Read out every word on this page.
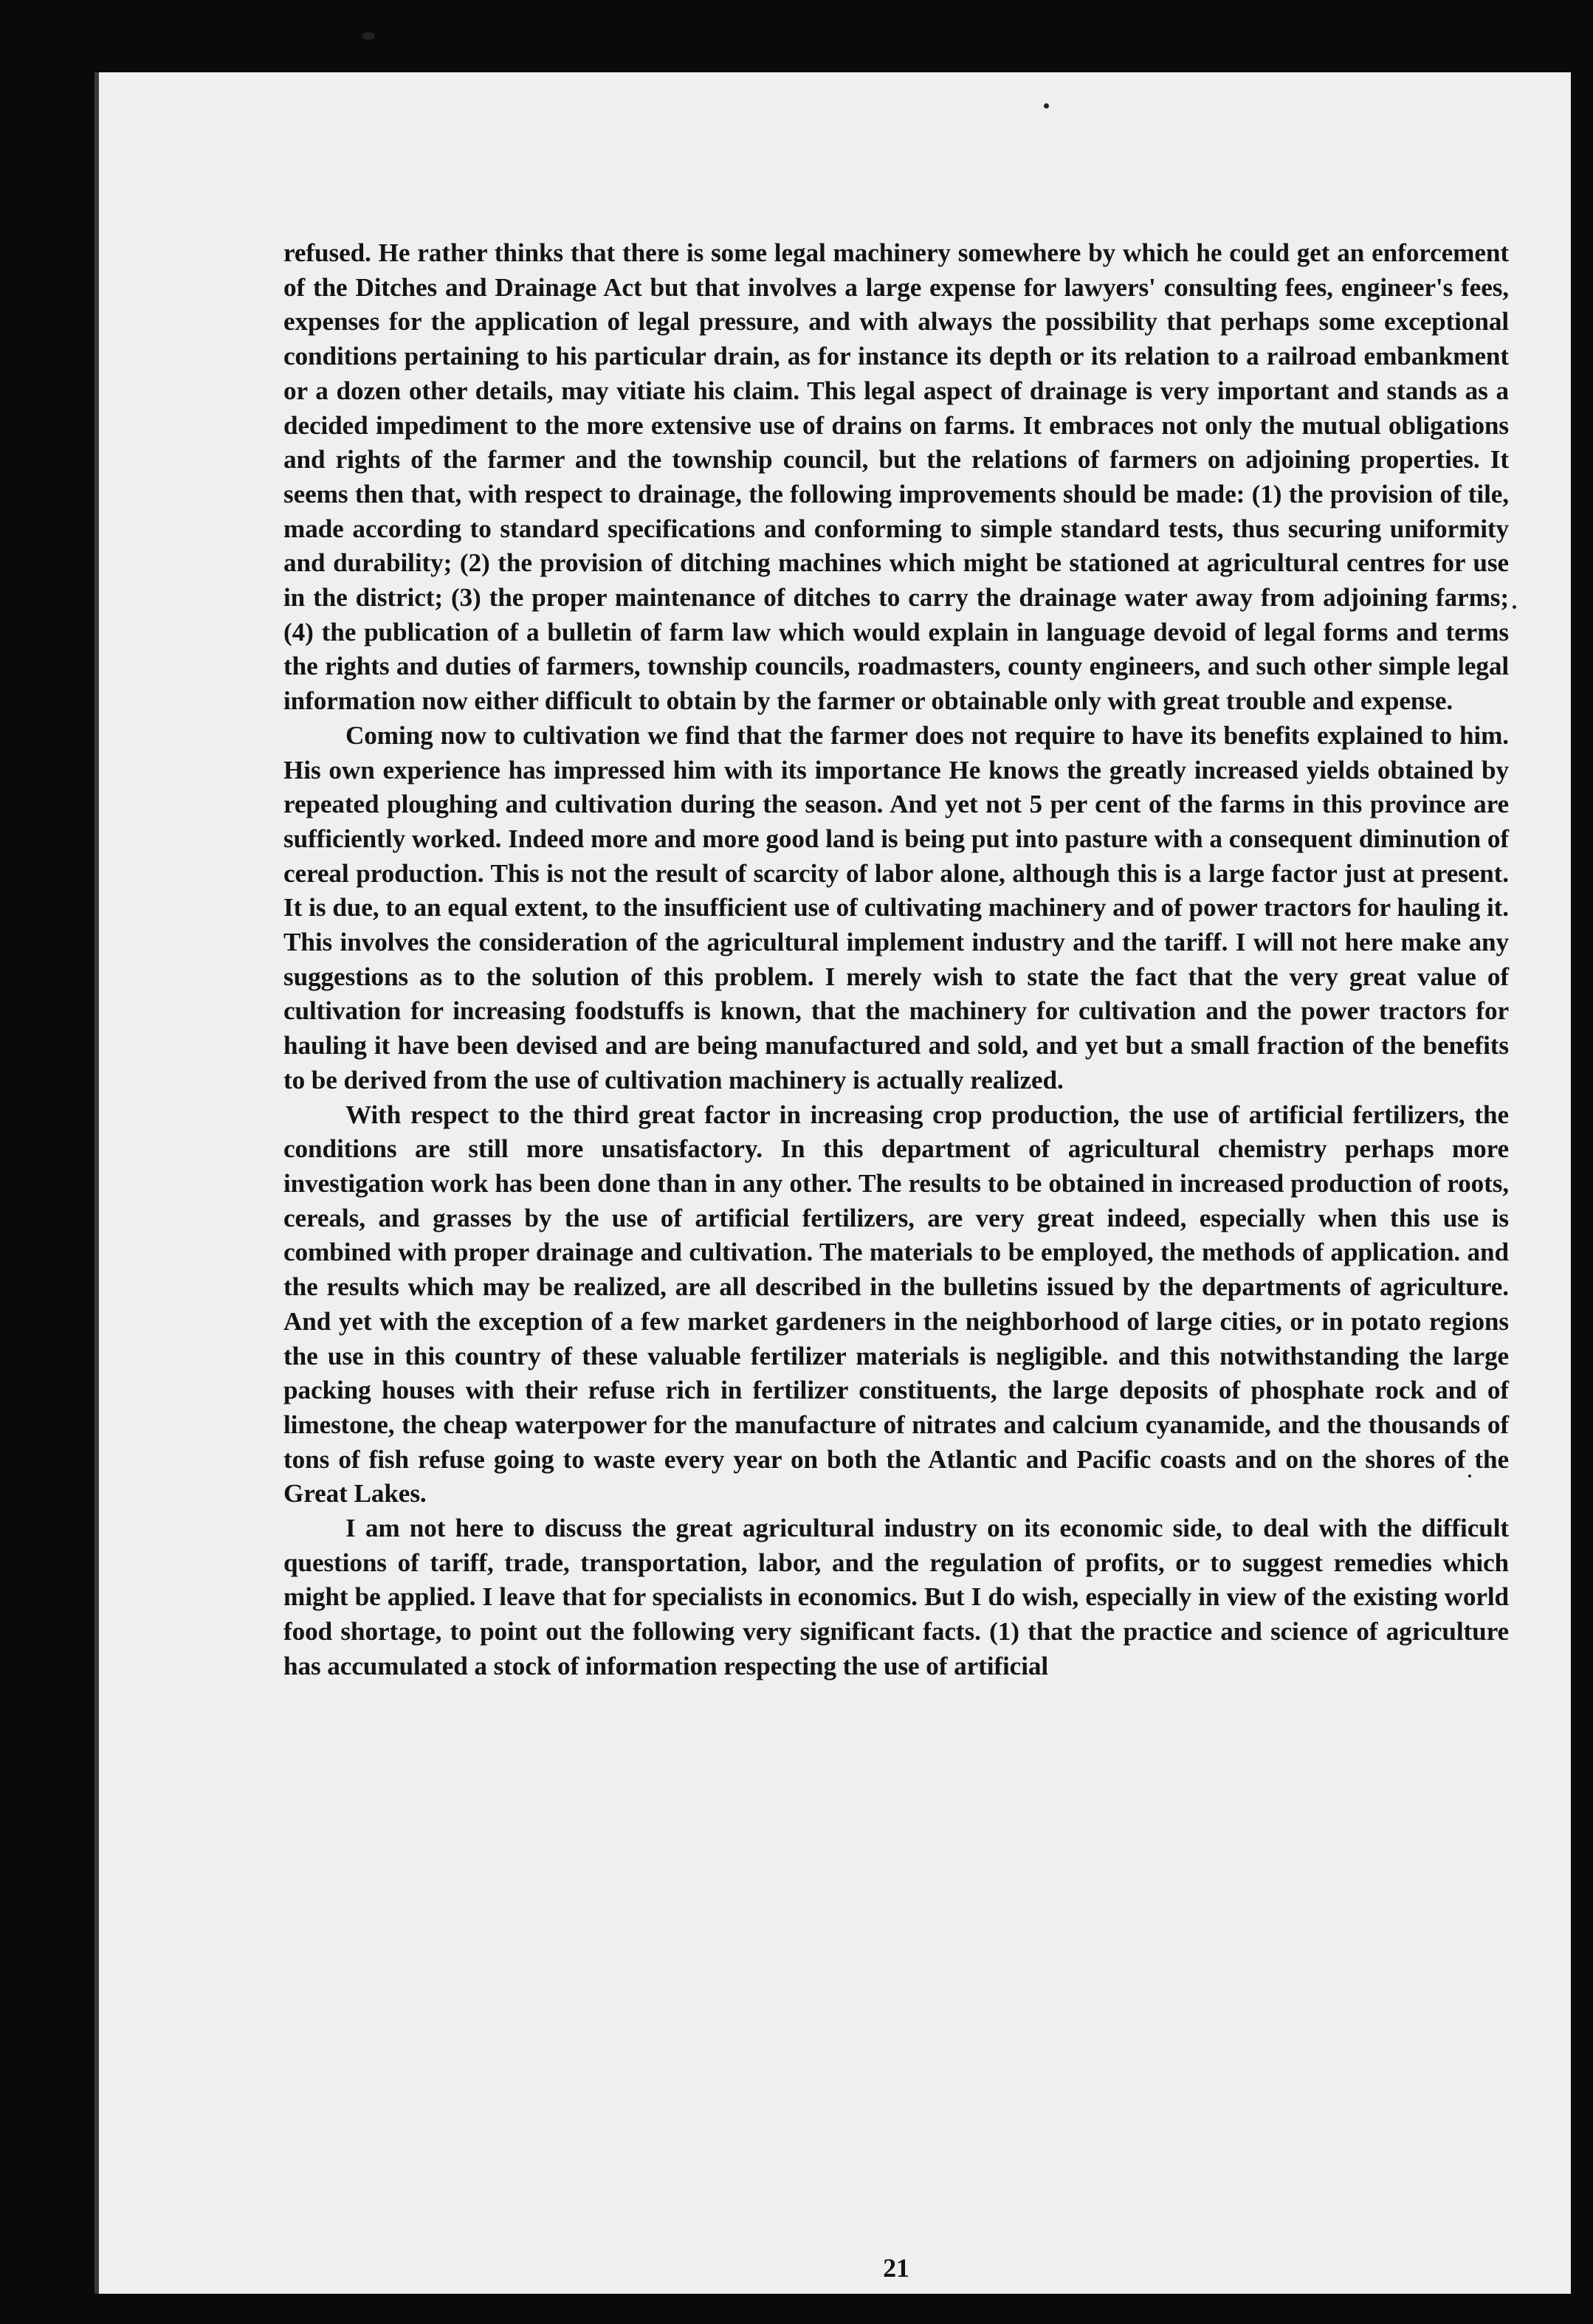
refused. He rather thinks that there is some legal machinery somewhere by which he could get an enforcement of the Ditches and Drainage Act but that involves a large expense for lawyers' consulting fees, engineer's fees, expenses for the application of legal pressure, and with always the possibility that perhaps some exceptional conditions pertaining to his particular drain, as for instance its depth or its relation to a railroad embankment or a dozen other details, may vitiate his claim. This legal aspect of drainage is very important and stands as a decided impediment to the more extensive use of drains on farms. It embraces not only the mutual obligations and rights of the farmer and the township council, but the relations of farmers on adjoining properties. It seems then that, with respect to drainage, the following improvements should be made: (1) the provision of tile, made according to standard specifications and conforming to simple standard tests, thus securing uniformity and durability; (2) the provision of ditching machines which might be stationed at agricultural centres for use in the district; (3) the proper maintenance of ditches to carry the drainage water away from adjoining farms; (4) the publication of a bulletin of farm law which would explain in language devoid of legal forms and terms the rights and duties of farmers, township councils, roadmasters, county engineers, and such other simple legal information now either difficult to obtain by the farmer or obtainable only with great trouble and expense.

Coming now to cultivation we find that the farmer does not require to have its benefits explained to him. His own experience has impressed him with its importance He knows the greatly increased yields obtained by repeated ploughing and cultivation during the season. And yet not 5 per cent of the farms in this province are sufficiently worked. Indeed more and more good land is being put into pasture with a consequent diminution of cereal production. This is not the result of scarcity of labor alone, although this is a large factor just at present. It is due, to an equal extent, to the insufficient use of cultivating machinery and of power tractors for hauling it. This involves the consideration of the agricultural implement industry and the tariff. I will not here make any suggestions as to the solution of this problem. I merely wish to state the fact that the very great value of cultivation for increasing foodstuffs is known, that the machinery for cultivation and the power tractors for hauling it have been devised and are being manufactured and sold, and yet but a small fraction of the benefits to be derived from the use of cultivation machinery is actually realized.

With respect to the third great factor in increasing crop production, the use of artificial fertilizers, the conditions are still more unsatisfactory. In this department of agricultural chemistry perhaps more investigation work has been done than in any other. The results to be obtained in increased production of roots, cereals, and grasses by the use of artificial fertilizers, are very great indeed, especially when this use is combined with proper drainage and cultivation. The materials to be employed, the methods of application. and the results which may be realized, are all described in the bulletins issued by the departments of agriculture. And yet with the exception of a few market gardeners in the neighborhood of large cities, or in potato regions the use in this country of these valuable fertilizer materials is negligible. and this notwithstanding the large packing houses with their refuse rich in fertilizer constituents, the large deposits of phosphate rock and of limestone, the cheap waterpower for the manufacture of nitrates and calcium cyanamide, and the thousands of tons of fish refuse going to waste every year on both the Atlantic and Pacific coasts and on the shores of the Great Lakes.

I am not here to discuss the great agricultural industry on its economic side, to deal with the difficult questions of tariff, trade, transportation, labor, and the regulation of profits, or to suggest remedies which might be applied. I leave that for specialists in economics. But I do wish, especially in view of the existing world food shortage, to point out the following very significant facts. (1) that the practice and science of agriculture has accumulated a stock of information respecting the use of artificial

21
